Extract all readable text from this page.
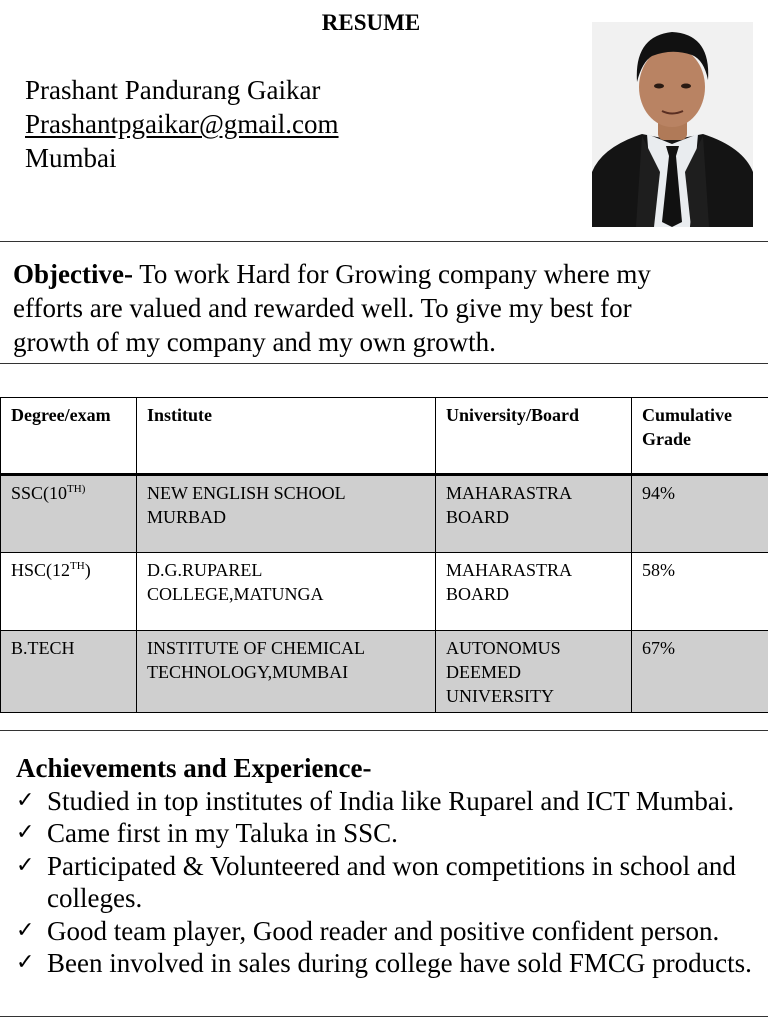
RESUME
Prashant Pandurang Gaikar
Prashantpgaikar@gmail.com
Mumbai
Objective- To work Hard for Growing company where my efforts are valued and rewarded well. To give my best for growth of my company and my own growth.
Degree/exam	Institute	University/Board	Cumulative Grade
$SSC(10^{TH)}$	NEW ENGLISH SCHOOL MURBAD	MAHARASTRA BOARD	94%
HSC(12TH)	D.G.RUPAREL COLLEGE,MATUNGA	MAHARASTRA BOARD	58%
B.TECH	INSTITUTE OF CHEMICAL TECHNOLOGY,MUMBAI	AUTONOMUS DEEMED UNIVERSITY	67%
Achievements and Experience-
✓ Studied in top institutes of India like Ruparel and ICT Mumbai.
✓ Came first in my Taluka in SSC.
✓ Participated & Volunteered and won competitions in school and colleges.
✓ Good team player, Good reader and positive confident person.
✓ Been involved in sales during college have sold FMCG products.
